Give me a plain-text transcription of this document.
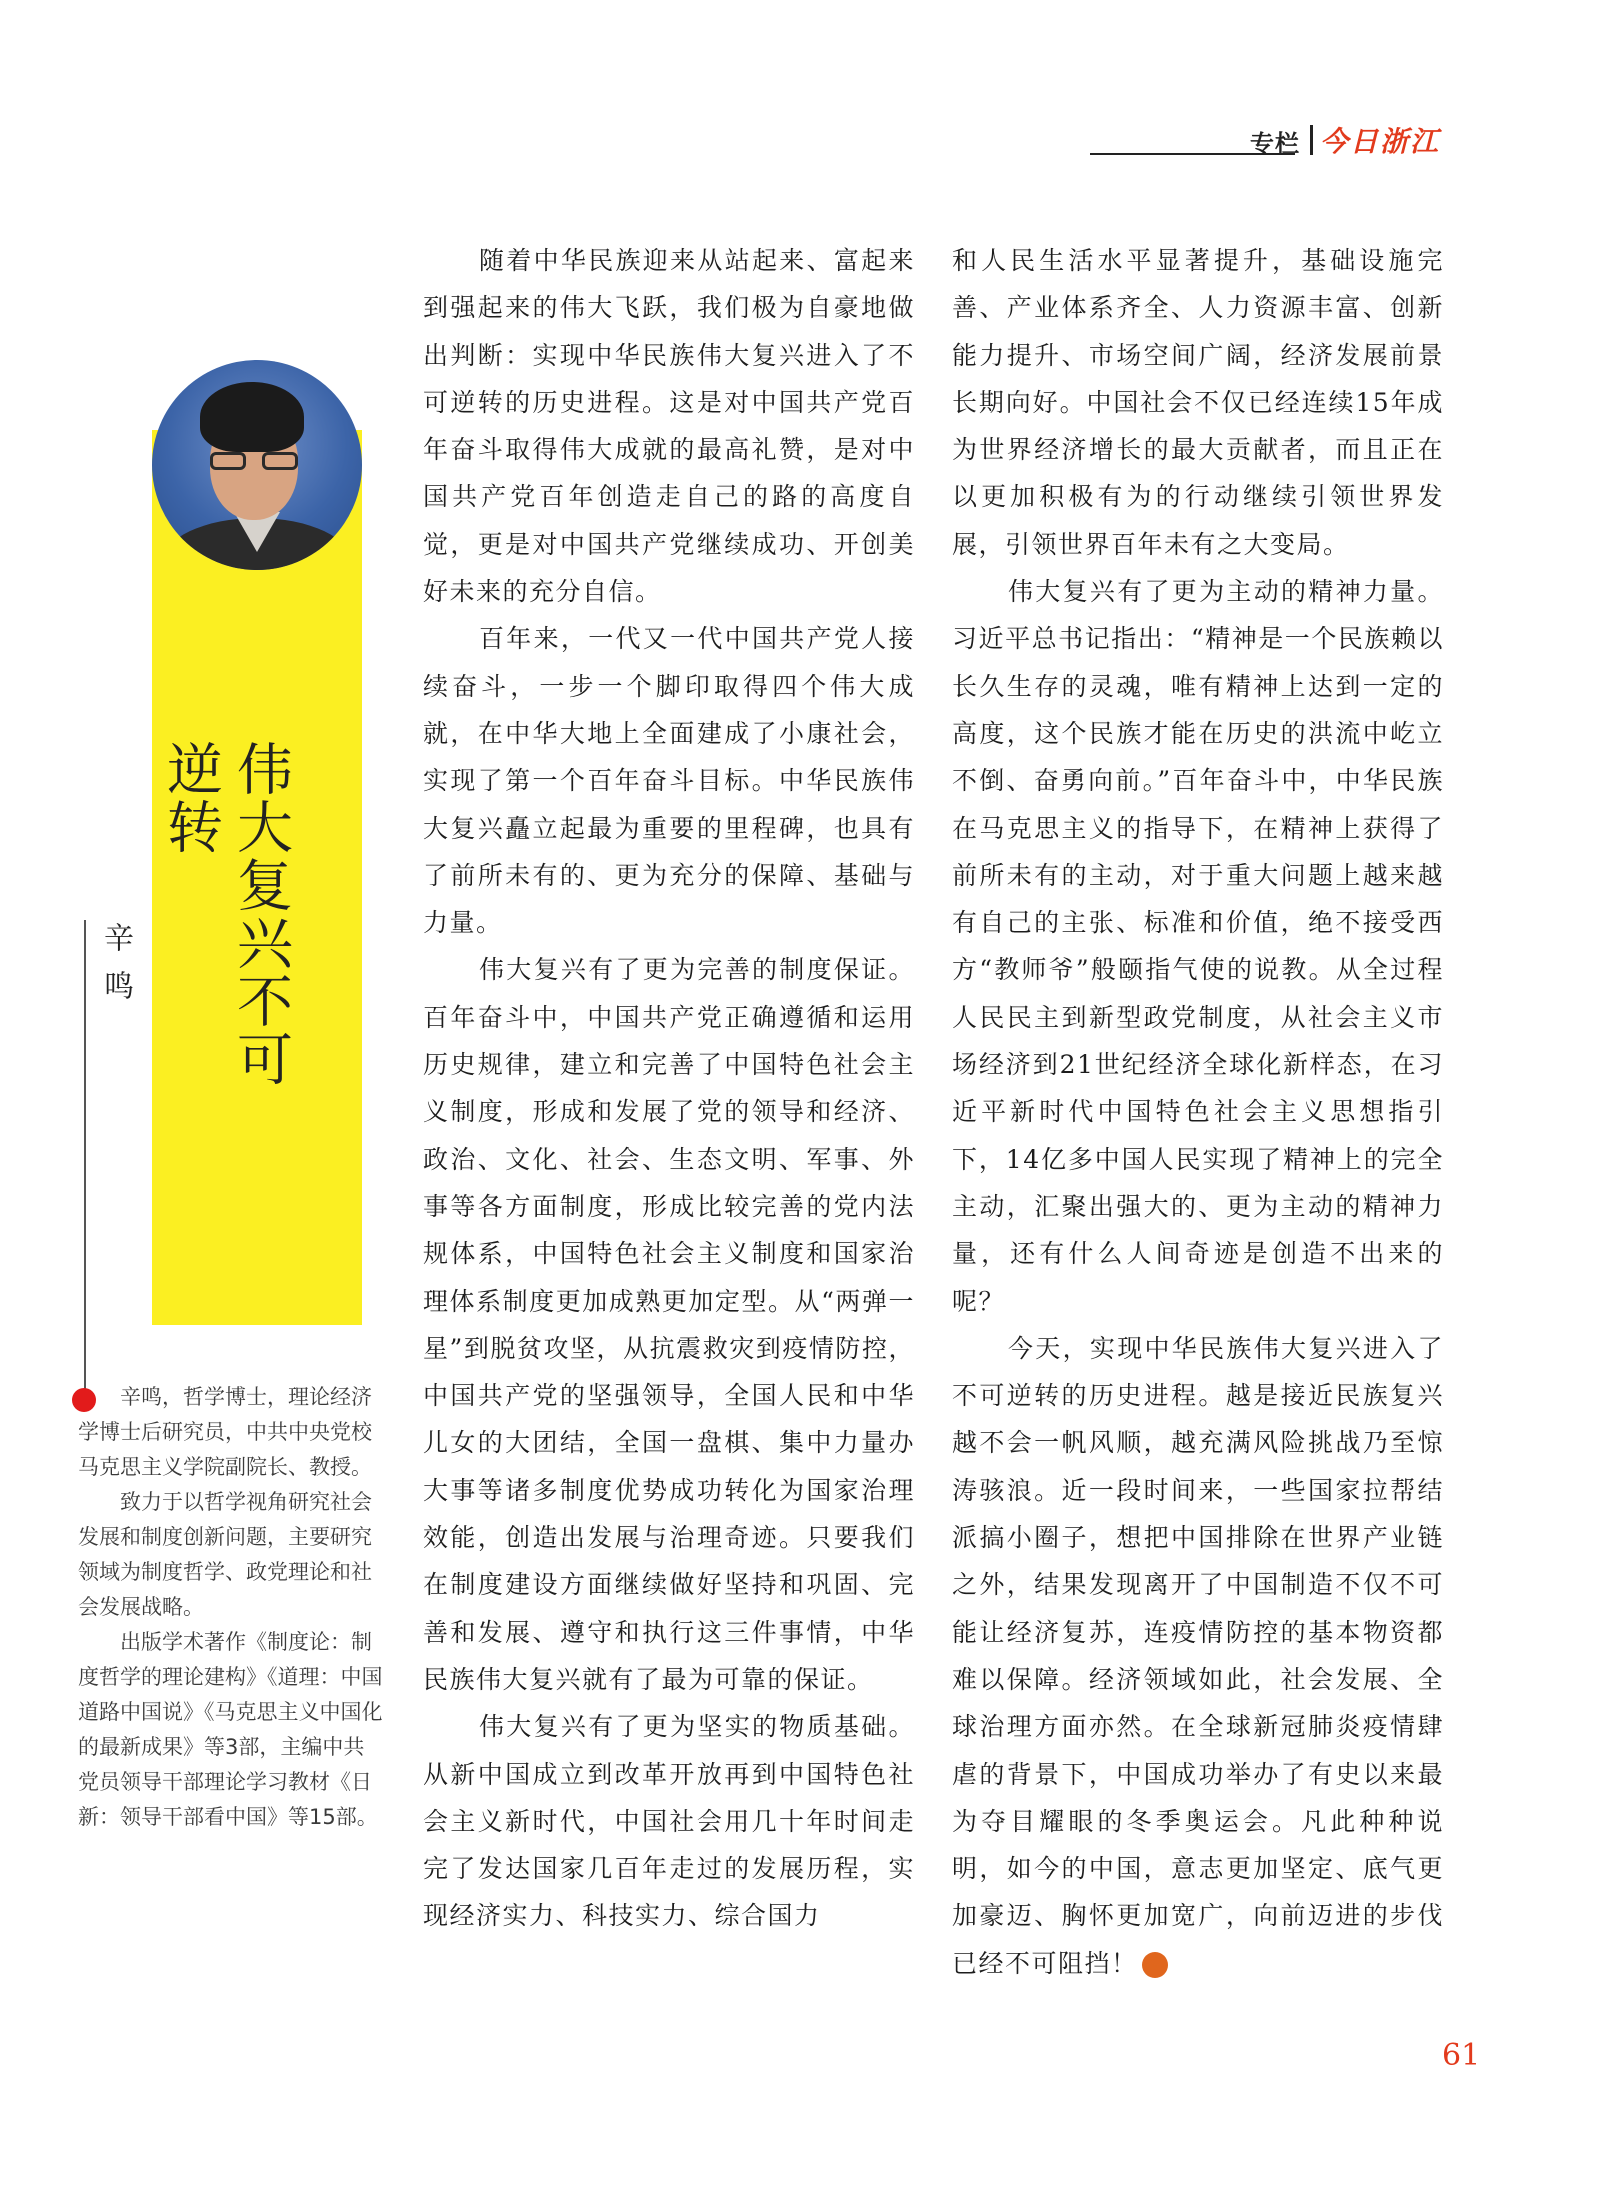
专栏 今日浙江
伟大复兴不可逆转
辛鸣

辛鸣，哲学博士，理论经济学博士后研究员，中共中央党校马克思主义学院副院长、教授。

致力于以哲学视角研究社会发展和制度创新问题，主要研究领域为制度哲学、政党理论和社会发展战略。

出版学术著作《制度论：制度哲学的理论建构》《道理：中国道路中国说》《马克思主义中国化的最新成果》等3部，主编中共党员领导干部理论学习教材《日新：领导干部看中国》等15部。

随着中华民族迎来从站起来、富起来到强起来的伟大飞跃，我们极为自豪地做出判断：实现中华民族伟大复兴进入了不可逆转的历史进程。这是对中国共产党百年奋斗取得伟大成就的最高礼赞，是对中国共产党百年创造走自己的路的高度自觉，更是对中国共产党继续成功、开创美好未来的充分自信。

百年来，一代又一代中国共产党人接续奋斗，一步一个脚印取得四个伟大成就，在中华大地上全面建成了小康社会，实现了第一个百年奋斗目标。中华民族伟大复兴矗立起最为重要的里程碑，也具有了前所未有的、更为充分的保障、基础与力量。

伟大复兴有了更为完善的制度保证。百年奋斗中，中国共产党正确遵循和运用历史规律，建立和完善了中国特色社会主义制度，形成和发展了党的领导和经济、政治、文化、社会、生态文明、军事、外事等各方面制度，形成比较完善的党内法规体系，中国特色社会主义制度和国家治理体系制度更加成熟更加定型。从“两弹一星”到脱贫攻坚，从抗震救灾到疫情防控，中国共产党的坚强领导，全国人民和中华儿女的大团结，全国一盘棋、集中力量办大事等诸多制度优势成功转化为国家治理效能，创造出发展与治理奇迹。只要我们在制度建设方面继续做好坚持和巩固、完善和发展、遵守和执行这三件事情，中华民族伟大复兴就有了最为可靠的保证。

伟大复兴有了更为坚实的物质基础。从新中国成立到改革开放再到中国特色社会主义新时代，中国社会用几十年时间走完了发达国家几百年走过的发展历程，实现经济实力、科技实力、综合国力

和人民生活水平显著提升，基础设施完善、产业体系齐全、人力资源丰富、创新能力提升、市场空间广阔，经济发展前景长期向好。中国社会不仅已经连续15年成为世界经济增长的最大贡献者，而且正在以更加积极有为的行动继续引领世界发展，引领世界百年未有之大变局。

伟大复兴有了更为主动的精神力量。习近平总书记指出：“精神是一个民族赖以长久生存的灵魂，唯有精神上达到一定的高度，这个民族才能在历史的洪流中屹立不倒、奋勇向前。”百年奋斗中，中华民族在马克思主义的指导下，在精神上获得了前所未有的主动，对于重大问题上越来越有自己的主张、标准和价值，绝不接受西方“教师爷”般颐指气使的说教。从全过程人民民主到新型政党制度，从社会主义市场经济到21世纪经济全球化新样态，在习近平新时代中国特色社会主义思想指引下，14亿多中国人民实现了精神上的完全主动，汇聚出强大的、更为主动的精神力量，还有什么人间奇迹是创造不出来的呢？

今天，实现中华民族伟大复兴进入了不可逆转的历史进程。越是接近民族复兴越不会一帆风顺，越充满风险挑战乃至惊涛骇浪。近一段时间来，一些国家拉帮结派搞小圈子，想把中国排除在世界产业链之外，结果发现离开了中国制造不仅不可能让经济复苏，连疫情防控的基本物资都难以保障。经济领域如此，社会发展、全球治理方面亦然。在全球新冠肺炎疫情肆虐的背景下，中国成功举办了有史以来最为夺目耀眼的冬季奥运会。凡此种种说明，如今的中国，意志更加坚定、底气更加豪迈、胸怀更加宽广，向前迈进的步伐已经不可阻挡！	今

61
